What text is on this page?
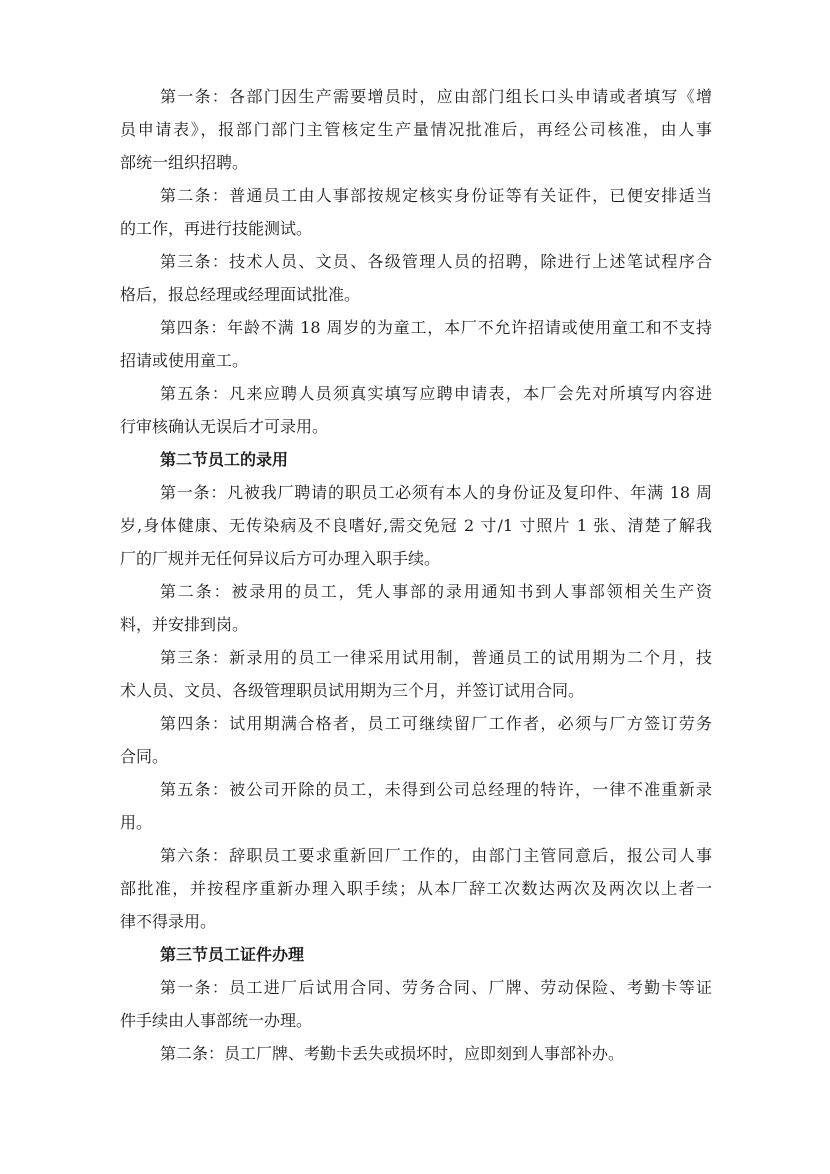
第一条：各部门因生产需要增员时，应由部门组长口头申请或者填写《增
员申请表》，报部门部门主管核定生产量情况批准后，再经公司核准，由人事
部统一组织招聘。
第二条：普通员工由人事部按规定核实身份证等有关证件，已便安排适当
的工作，再进行技能测试。
第三条：技术人员、文员、各级管理人员的招聘，除进行上述笔试程序合
格后，报总经理或经理面试批准。
第四条：年龄不满 18 周岁的为童工，本厂不允许招请或使用童工和不支持
招请或使用童工。
第五条：凡来应聘人员须真实填写应聘申请表，本厂会先对所填写内容进
行审核确认无误后才可录用。
第二节员工的录用
第一条：凡被我厂聘请的职员工必须有本人的身份证及复印件、年满 18 周
岁,身体健康、无传染病及不良嗜好,需交免冠 2 寸/1 寸照片 1 张、清楚了解我
厂的厂规并无任何异议后方可办理入职手续。
第二条：被录用的员工，凭人事部的录用通知书到人事部领相关生产资
料，并安排到岗。
第三条：新录用的员工一律采用试用制，普通员工的试用期为二个月，技
术人员、文员、各级管理职员试用期为三个月，并签订试用合同。
第四条：试用期满合格者，员工可继续留厂工作者，必须与厂方签订劳务
合同。
第五条：被公司开除的员工，未得到公司总经理的特许，一律不准重新录
用。
第六条：辞职员工要求重新回厂工作的，由部门主管同意后，报公司人事
部批准，并按程序重新办理入职手续；从本厂辞工次数达两次及两次以上者一
律不得录用。
第三节员工证件办理
第一条：员工进厂后试用合同、劳务合同、厂牌、劳动保险、考勤卡等证
件手续由人事部统一办理。
第二条：员工厂牌、考勤卡丢失或损坏时，应即刻到人事部补办。
